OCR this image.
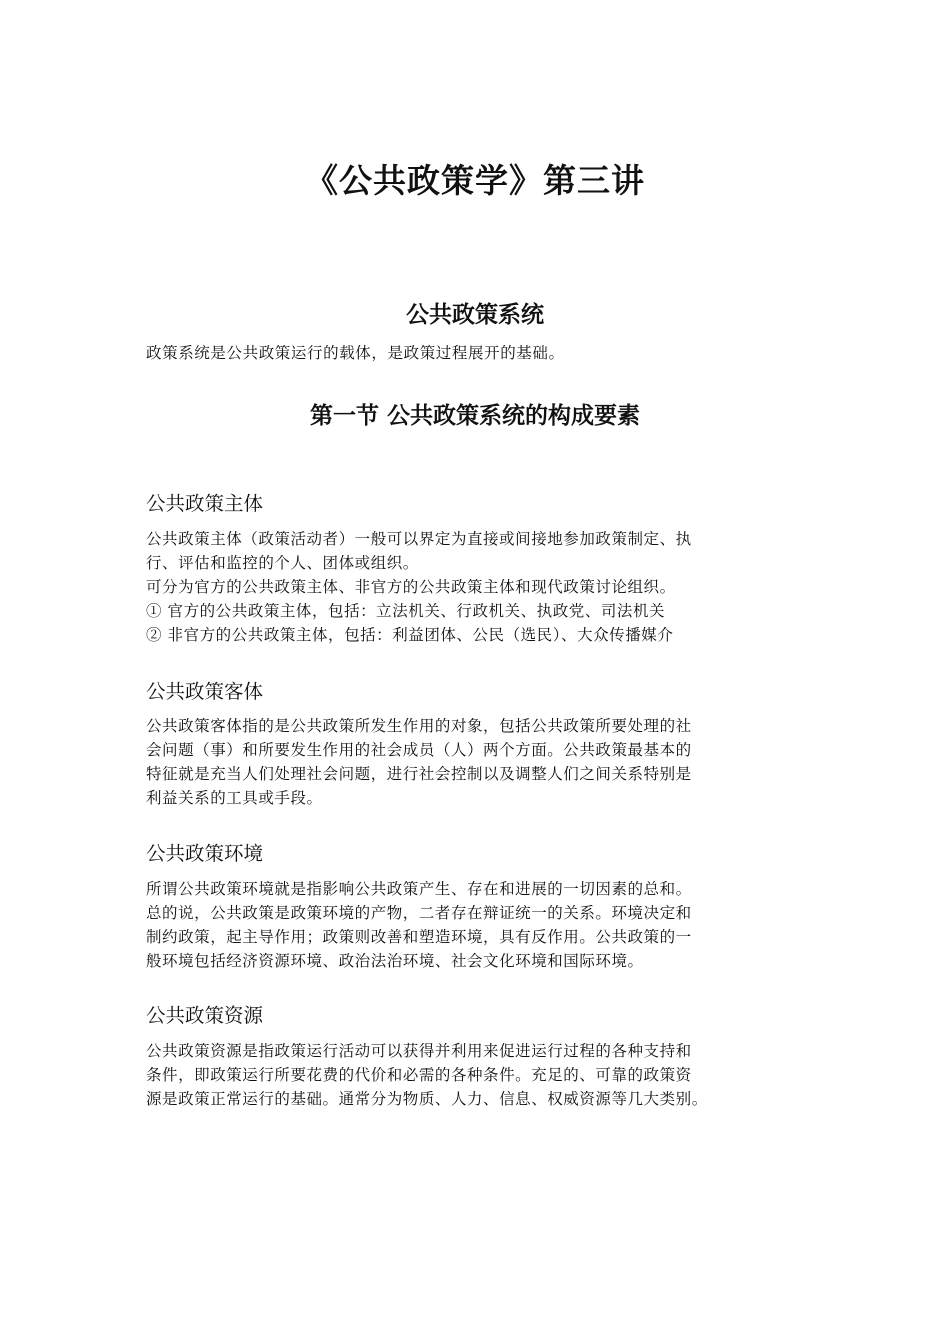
《公共政策学》第三讲
公共政策系统

政策系统是公共政策运行的载体，是政策过程展开的基础。

第一节 公共政策系统的构成要素
公共政策主体
公共政策主体（政策活动者）一般可以界定为直接或间接地参加政策制定、执
行、评估和监控的个人、团体或组织。
可分为官方的公共政策主体、非官方的公共政策主体和现代政策讨论组织。
① 官方的公共政策主体，包括：立法机关、行政机关、执政党、司法机关
② 非官方的公共政策主体，包括：利益团体、公民（选民）、大众传播媒介
公共政策客体
公共政策客体指的是公共政策所发生作用的对象，包括公共政策所要处理的社
会问题（事）和所要发生作用的社会成员（人）两个方面。公共政策最基本的
特征就是充当人们处理社会问题，进行社会控制以及调整人们之间关系特别是
利益关系的工具或手段。
公共政策环境
所谓公共政策环境就是指影响公共政策产生、存在和进展的一切因素的总和。
总的说，公共政策是政策环境的产物，二者存在辩证统一的关系。环境决定和
制约政策，起主导作用；政策则改善和塑造环境，具有反作用。公共政策的一
般环境包括经济资源环境、政治法治环境、社会文化环境和国际环境。
公共政策资源
公共政策资源是指政策运行活动可以获得并利用来促进运行过程的各种支持和
条件，即政策运行所要花费的代价和必需的各种条件。充足的、可靠的政策资
源是政策正常运行的基础。通常分为物质、人力、信息、权威资源等几大类别。
